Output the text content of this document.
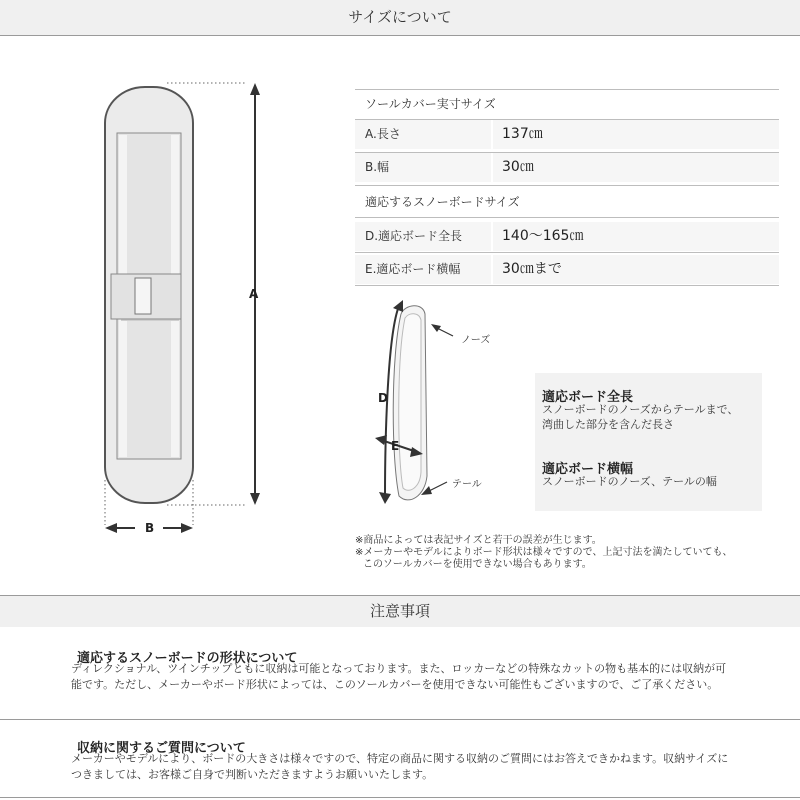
サイズについて
A
B
ソールカバー実寸サイズ
A.長さ	137㎝
B.幅	30㎝
適応するスノーボードサイズ
D.適応ボード全長	140〜165㎝
E.適応ボード横幅	30㎝まで
D
E
ノーズ
テール
適応ボード全長
スノーボードのノーズからテールまで、
湾曲した部分を含んだ長さ
適応ボード横幅
スノーボードのノーズ、テールの幅
※商品によっては表記サイズと若干の誤差が生じます。
※メーカーやモデルによりボード形状は様々ですので、上記寸法を満たしていても、
このソールカバーを使用できない場合もあります。
注意事項
適応するスノーボードの形状について
ディレクショナル、ツインチップともに収納は可能となっております。また、ロッカーなどの特殊なカットの物も基本的には収納が可能です。ただし、メーカーやボード形状によっては、このソールカバーを使用できない可能性もございますので、ご了承ください。
収納に関するご質問について
メーカーやモデルにより、ボードの大きさは様々ですので、特定の商品に関する収納のご質問にはお答えできかねます。収納サイズにつきましては、お客様ご自身で判断いただきますようお願いいたします。
